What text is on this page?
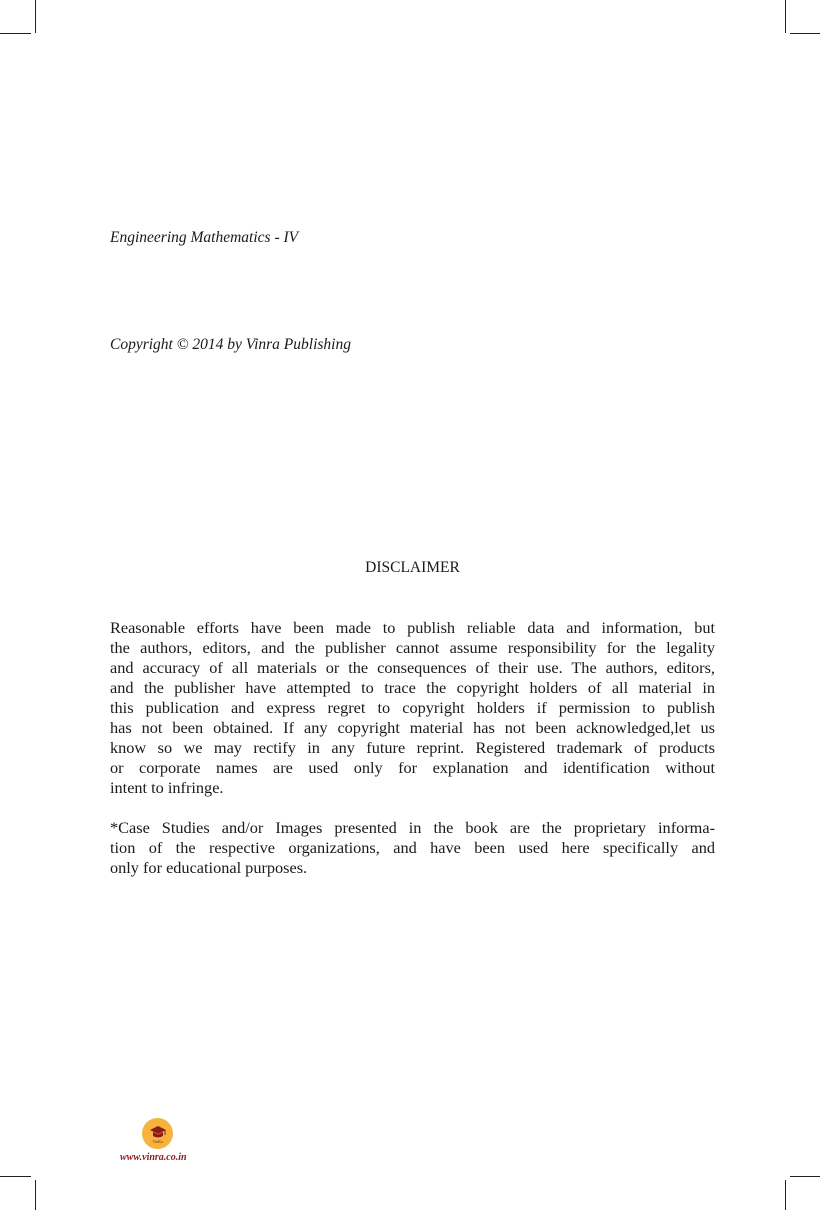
Engineering Mathematics - IV
Copyright © 2014 by Vinra Publishing
DISCLAIMER
Reasonable efforts have been made to publish reliable data and information, but
the authors, editors, and the publisher cannot assume responsibility for the legality
and accuracy of all materials or the consequences of their use. The authors, editors,
and the publisher have attempted to trace the copyright holders of all material in
this publication and express regret to copyright holders if permission to publish
has not been obtained. If any copyright material has not been acknowledged,let us
know so we may rectify in any future reprint. Registered trademark of products
or corporate names are used only for explanation and identification without
intent to infringe.
*Case Studies and/or Images presented in the book are the proprietary informa-
tion of the respective organizations, and have been used here specifically and
only for educational purposes.
VinRa
www.vinra.co.in
